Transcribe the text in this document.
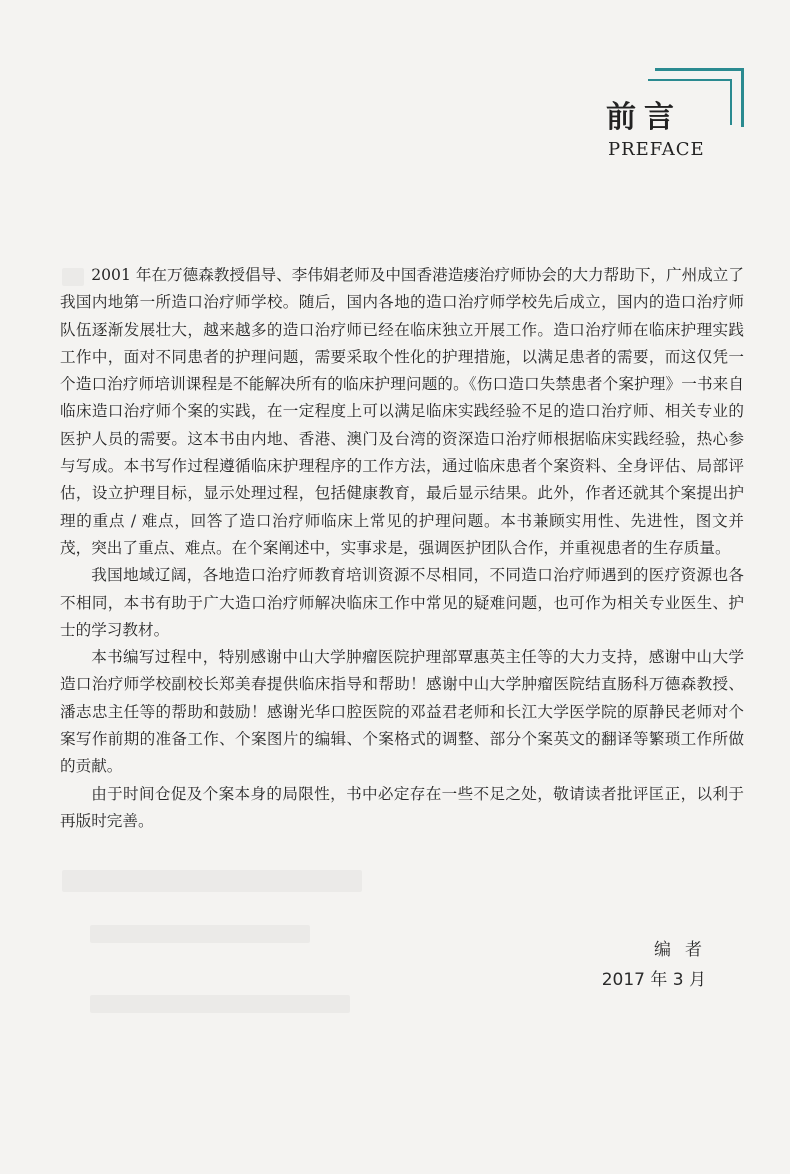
前言
PREFACE

2001 年在万德森教授倡导、李伟娟老师及中国香港造瘘治疗师协会的大力帮助下，广州成立了我国内地第一所造口治疗师学校。随后，国内各地的造口治疗师学校先后成立，国内的造口治疗师队伍逐渐发展壮大，越来越多的造口治疗师已经在临床独立开展工作。造口治疗师在临床护理实践工作中，面对不同患者的护理问题，需要采取个性化的护理措施，以满足患者的需要，而这仅凭一个造口治疗师培训课程是不能解决所有的临床护理问题的。《伤口造口失禁患者个案护理》一书来自临床造口治疗师个案的实践，在一定程度上可以满足临床实践经验不足的造口治疗师、相关专业的医护人员的需要。这本书由内地、香港、澳门及台湾的资深造口治疗师根据临床实践经验，热心参与写成。本书写作过程遵循临床护理程序的工作方法，通过临床患者个案资料、全身评估、局部评估，设立护理目标，显示处理过程，包括健康教育，最后显示结果。此外，作者还就其个案提出护理的重点 / 难点，回答了造口治疗师临床上常见的护理问题。本书兼顾实用性、先进性，图文并茂，突出了重点、难点。在个案阐述中，实事求是，强调医护团队合作，并重视患者的生存质量。

我国地域辽阔，各地造口治疗师教育培训资源不尽相同，不同造口治疗师遇到的医疗资源也各不相同，本书有助于广大造口治疗师解决临床工作中常见的疑难问题，也可作为相关专业医生、护士的学习教材。

本书编写过程中，特别感谢中山大学肿瘤医院护理部覃惠英主任等的大力支持，感谢中山大学造口治疗师学校副校长郑美春提供临床指导和帮助！感谢中山大学肿瘤医院结直肠科万德森教授、潘志忠主任等的帮助和鼓励！感谢光华口腔医院的邓益君老师和长江大学医学院的原静民老师对个案写作前期的准备工作、个案图片的编辑、个案格式的调整、部分个案英文的翻译等繁琐工作所做的贡献。

由于时间仓促及个案本身的局限性，书中必定存在一些不足之处，敬请读者批评匡正，以利于再版时完善。

编者
2017 年 3 月
